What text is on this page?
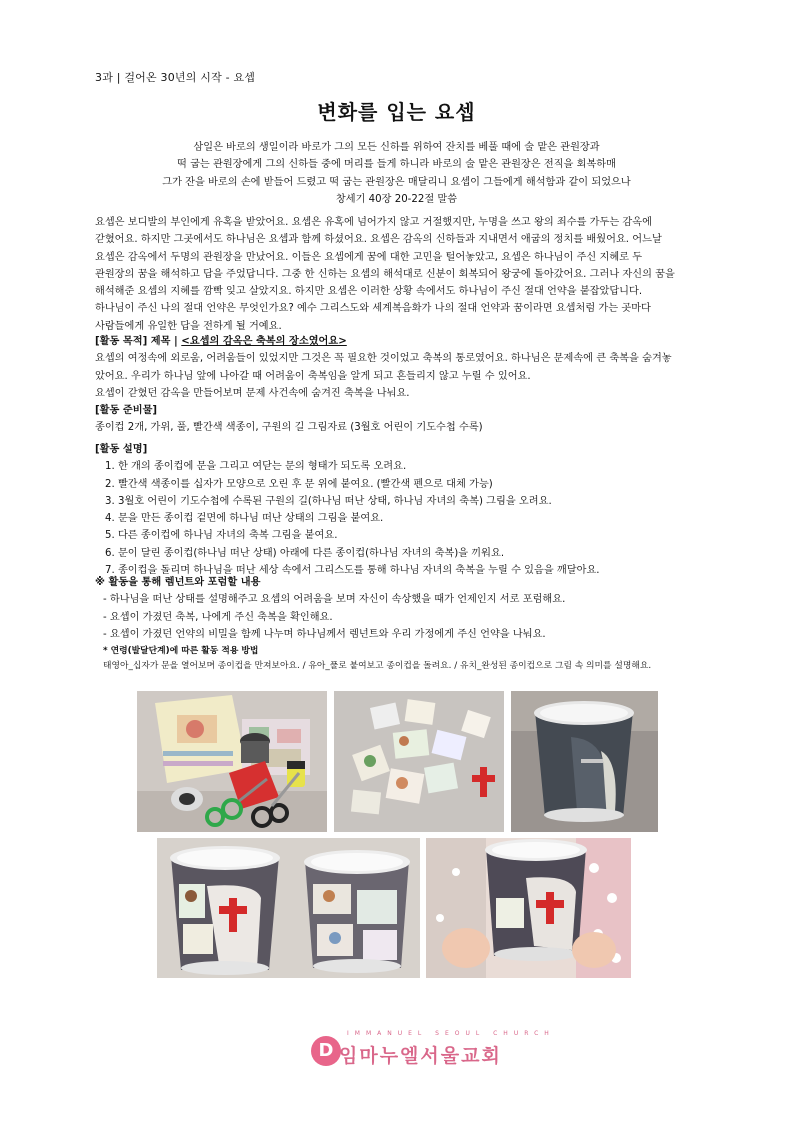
3과 | 걸어온 30년의 시작 - 요셉
변화를 입는 요셉
삼일은 바로의 생일이라 바로가 그의 모든 신하를 위하여 잔치를 베풀 때에 술 맡은 관원장과
떡 굽는 관원장에게 그의 신하들 중에 머리를 들게 하니라 바로의 술 맡은 관원장은 전직을 회복하매
그가 잔을 바로의 손에 받들어 드렸고 떡 굽는 관원장은 매달리니 요셉이 그들에게 해석함과 같이 되었으나
창세기 40장 20-22절 말씀
요셉은 보디발의 부인에게 유혹을 받았어요. 요셉은 유혹에 넘어가지 않고 거절했지만, 누명을 쓰고 왕의 죄수를 가두는 감옥에
갇혔어요. 하지만 그곳에서도 하나님은 요셉과 함께 하셨어요. 요셉은 감옥의 신하들과 지내면서 애굽의 정치를 배웠어요. 어느날
요셉은 감옥에서 두명의 관원장을 만났어요. 이들은 요셉에게 꿈에 대한 고민을 털어놓았고, 요셉은 하나님이 주신 지혜로 두
관원장의 꿈을 해석하고 답을 주었답니다. 그중 한 신하는 요셉의 해석대로 신분이 회복되어 왕궁에 돌아갔어요. 그러나 자신의 꿈을
해석해준 요셉의 지혜를 깜빡 잊고 살았지요. 하지만 요셉은 이러한 상황 속에서도 하나님이 주신 절대 언약을 붙잡았답니다.
하나님이 주신 나의 절대 언약은 무엇인가요? 예수 그리스도와 세계복음화가 나의 절대 언약과 꿈이라면 요셉처럼 가는 곳마다
사람들에게 유일한 답을 전하게 될 거예요.
[활동 목적] 제목 | <요셉의 감옥은 축복의 장소였어요>
요셉의 여정속에 외로움, 어려움들이 있었지만 그것은 꼭 필요한 것이었고 축복의 통로였어요. 하나님은 문제속에 큰 축복을 숨겨놓
았어요. 우리가 하나님 앞에 나아갈 때 어려움이 축복임을 알게 되고 흔들리지 않고 누릴 수 있어요.
요셉이 갇혔던 감옥을 만들어보며 문제 사건속에 숨겨진 축복을 나눠요.
[활동 준비물]
종이컵 2개, 가위, 풀, 빨간색 색종이, 구원의 길 그림자료 (3월호 어린이 기도수첩 수록)
[활동 설명]
1. 한 개의 종이컵에 문을 그리고 여닫는 문의 형태가 되도록 오려요.
2. 빨간색 색종이를 십자가 모양으로 오린 후 문 위에 붙여요. (빨간색 펜으로 대체 가능)
3. 3월호 어린이 기도수첩에 수록된 구원의 길(하나님 떠난 상태, 하나님 자녀의 축복) 그림을 오려요.
4. 문을 만든 종이컵 겉면에 하나님 떠난 상태의 그림을 붙여요.
5. 다른 종이컵에 하나님 자녀의 축복 그림을 붙여요.
6. 문이 달린 종이컵(하나님 떠난 상태) 아래에 다른 종이컵(하나님 자녀의 축복)을 끼워요.
7. 종이컵을 돌리며 하나님을 떠난 세상 속에서 그리스도를 통해 하나님 자녀의 축복을 누릴 수 있음을 깨달아요.
※ 활동을 통해 렘넌트와 포럼할 내용
- 하나님을 떠난 상태를 설명해주고 요셉의 어려움을 보며 자신이 속상했을 때가 언제인지 서로 포럼해요.
- 요셉이 가졌던 축복, 나에게 주신 축복을 확인해요.
- 요셉이 가졌던 언약의 비밀을 함께 나누며 하나님께서 렘넌트와 우리 가정에게 주신 언약을 나눠요.
* 연령(발달단계)에 따른 활동 적용 방법
태영아_십자가 문을 열어보며 종이컵을 만져보아요. / 유아_풀로 붙여보고 종이컵을 돌려요. / 유치_완성된 종이컵으로 그림 속 의미를 설명해요.
D
IMMANUEL SEOUL CHURCH
임마누엘서울교회
